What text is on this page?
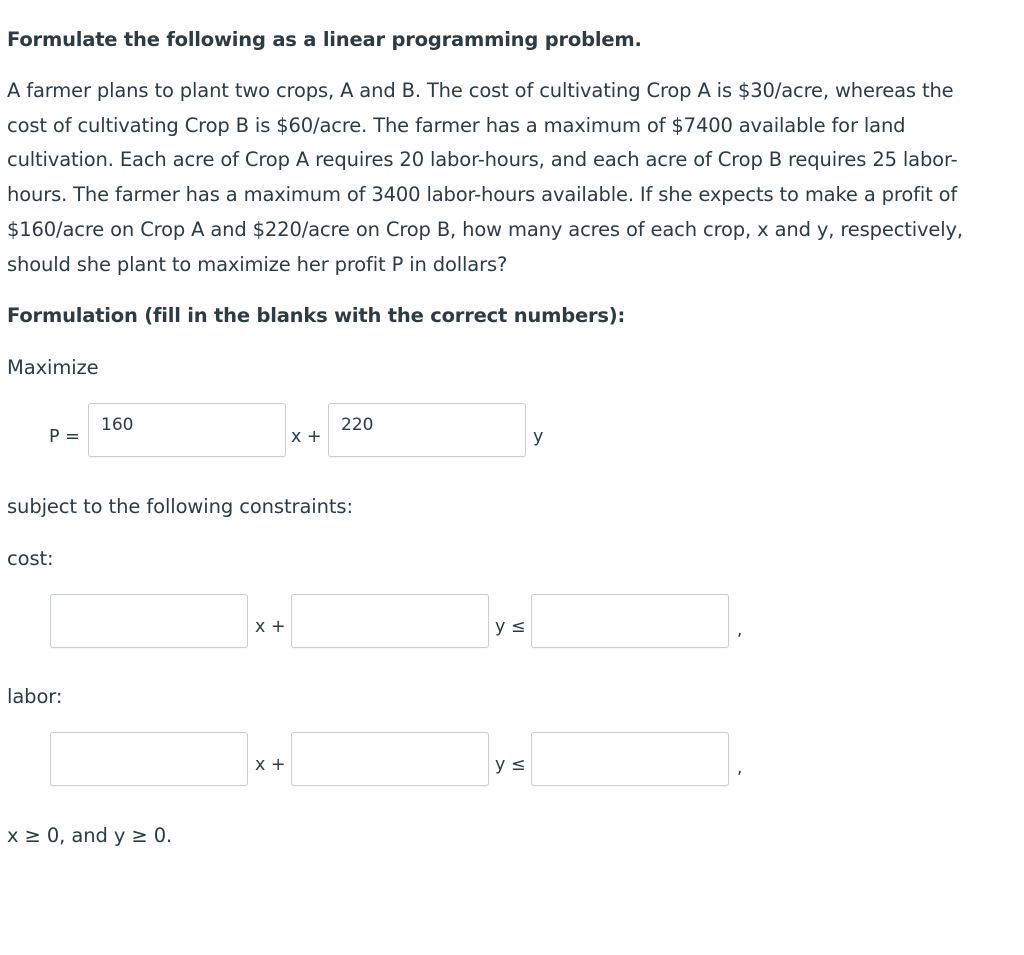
Formulate the following as a linear programming problem.
A farmer plans to plant two crops, A and B. The cost of cultivating Crop A is $30/acre, whereas the
cost of cultivating Crop B is $60/acre. The farmer has a maximum of $7400 available for land
cultivation. Each acre of Crop A requires 20 labor-hours, and each acre of Crop B requires 25 labor-
hours. The farmer has a maximum of 3400 labor-hours available. If she expects to make a profit of
$160/acre on Crop A and $220/acre on Crop B, how many acres of each crop, x and y, respectively,
should she plant to maximize her profit P in dollars?
Formulation (fill in the blanks with the correct numbers):
Maximize
P =
160
x +
220
y
subject to the following constraints:
cost:
x +	y ≤	,
labor:
x +	y ≤	,
x ≥ 0, and y ≥ 0.
